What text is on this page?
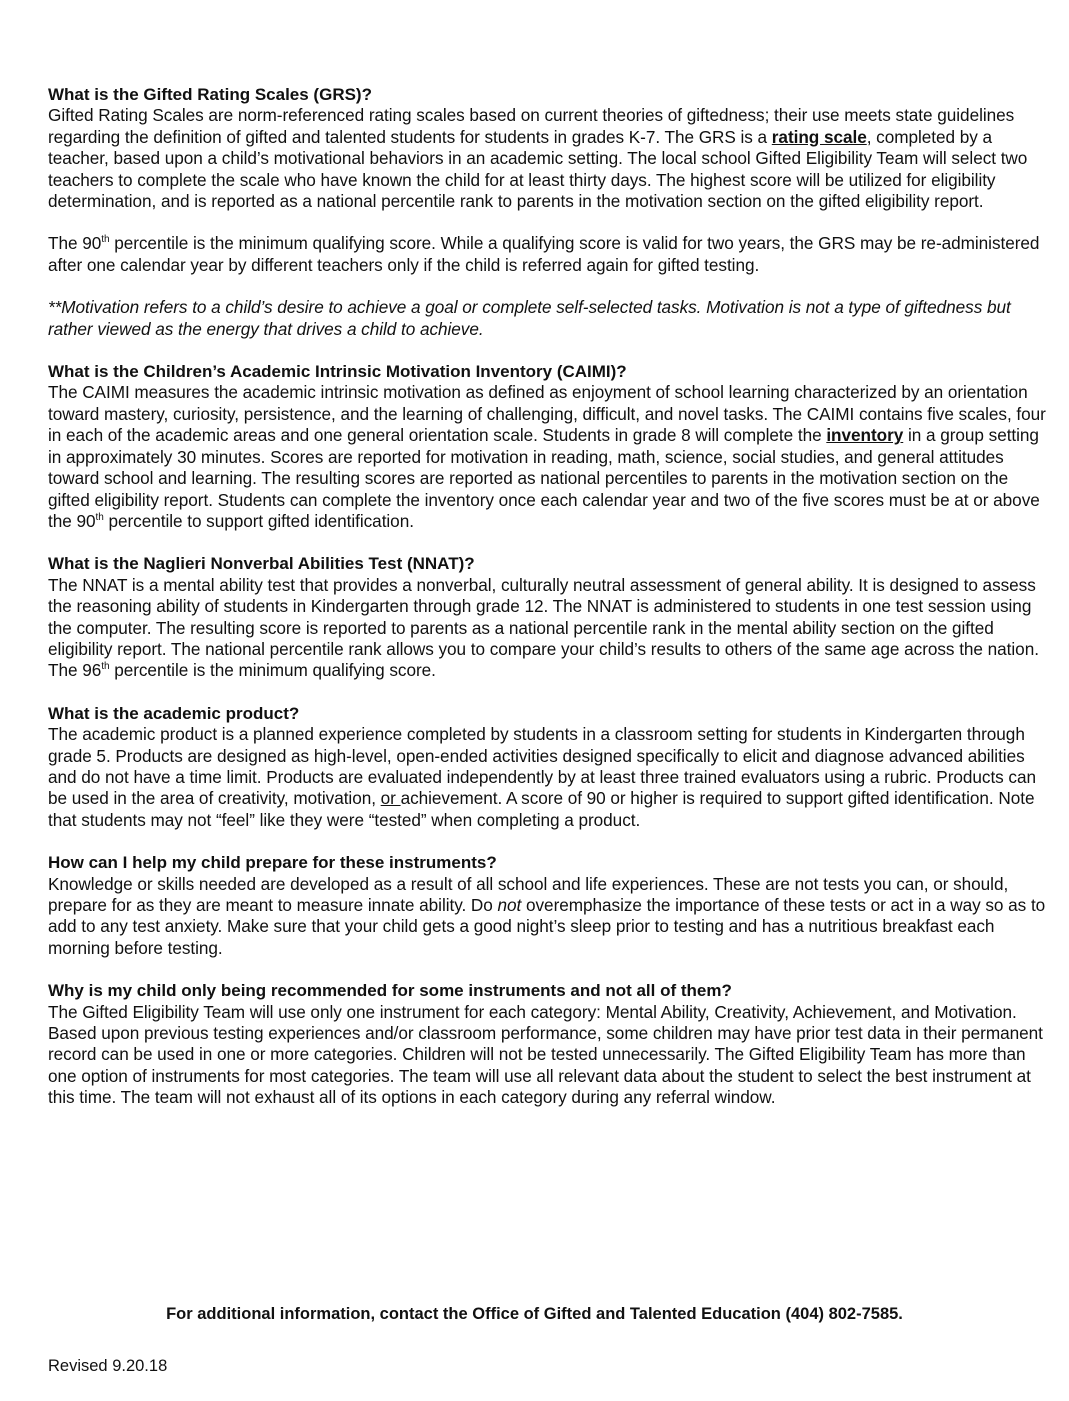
What is the Gifted Rating Scales (GRS)?

Gifted Rating Scales are norm-referenced rating scales based on current theories of giftedness; their use meets state guidelines regarding the definition of gifted and talented students for students in grades K-7. The GRS is a rating scale, completed by a teacher, based upon a child’s motivational behaviors in an academic setting. The local school Gifted Eligibility Team will select two teachers to complete the scale who have known the child for at least thirty days. The highest score will be utilized for eligibility determination, and is reported as a national percentile rank to parents in the motivation section on the gifted eligibility report.

The 90th percentile is the minimum qualifying score. While a qualifying score is valid for two years, the GRS may be re-administered after one calendar year by different teachers only if the child is referred again for gifted testing.

**Motivation refers to a child’s desire to achieve a goal or complete self-selected tasks. Motivation is not a type of giftedness but rather viewed as the energy that drives a child to achieve.

What is the Children’s Academic Intrinsic Motivation Inventory (CAIMI)?

The CAIMI measures the academic intrinsic motivation as defined as enjoyment of school learning characterized by an orientation toward mastery, curiosity, persistence, and the learning of challenging, difficult, and novel tasks. The CAIMI contains five scales, four in each of the academic areas and one general orientation scale. Students in grade 8 will complete the inventory in a group setting in approximately 30 minutes. Scores are reported for motivation in reading, math, science, social studies, and general attitudes toward school and learning. The resulting scores are reported as national percentiles to parents in the motivation section on the gifted eligibility report. Students can complete the inventory once each calendar year and two of the five scores must be at or above the 90th percentile to support gifted identification.

What is the Naglieri Nonverbal Abilities Test (NNAT)?

The NNAT is a mental ability test that provides a nonverbal, culturally neutral assessment of general ability. It is designed to assess the reasoning ability of students in Kindergarten through grade 12. The NNAT is administered to students in one test session using the computer. The resulting score is reported to parents as a national percentile rank in the mental ability section on the gifted eligibility report. The national percentile rank allows you to compare your child’s results to others of the same age across the nation. The 96th percentile is the minimum qualifying score.

What is the academic product?

The academic product is a planned experience completed by students in a classroom setting for students in Kindergarten through grade 5. Products are designed as high-level, open-ended activities designed specifically to elicit and diagnose advanced abilities and do not have a time limit. Products are evaluated independently by at least three trained evaluators using a rubric. Products can be used in the area of creativity, motivation, or achievement. A score of 90 or higher is required to support gifted identification. Note that students may not “feel” like they were “tested” when completing a product.

How can I help my child prepare for these instruments?

Knowledge or skills needed are developed as a result of all school and life experiences. These are not tests you can, or should, prepare for as they are meant to measure innate ability. Do not overemphasize the importance of these tests or act in a way so as to add to any test anxiety. Make sure that your child gets a good night’s sleep prior to testing and has a nutritious breakfast each morning before testing.

Why is my child only being recommended for some instruments and not all of them?

The Gifted Eligibility Team will use only one instrument for each category: Mental Ability, Creativity, Achievement, and Motivation. Based upon previous testing experiences and/or classroom performance, some children may have prior test data in their permanent record can be used in one or more categories. Children will not be tested unnecessarily. The Gifted Eligibility Team has more than one option of instruments for most categories. The team will use all relevant data about the student to select the best instrument at this time. The team will not exhaust all of its options in each category during any referral window.

For additional information, contact the Office of Gifted and Talented Education (404) 802-7585.

Revised 9.20.18
